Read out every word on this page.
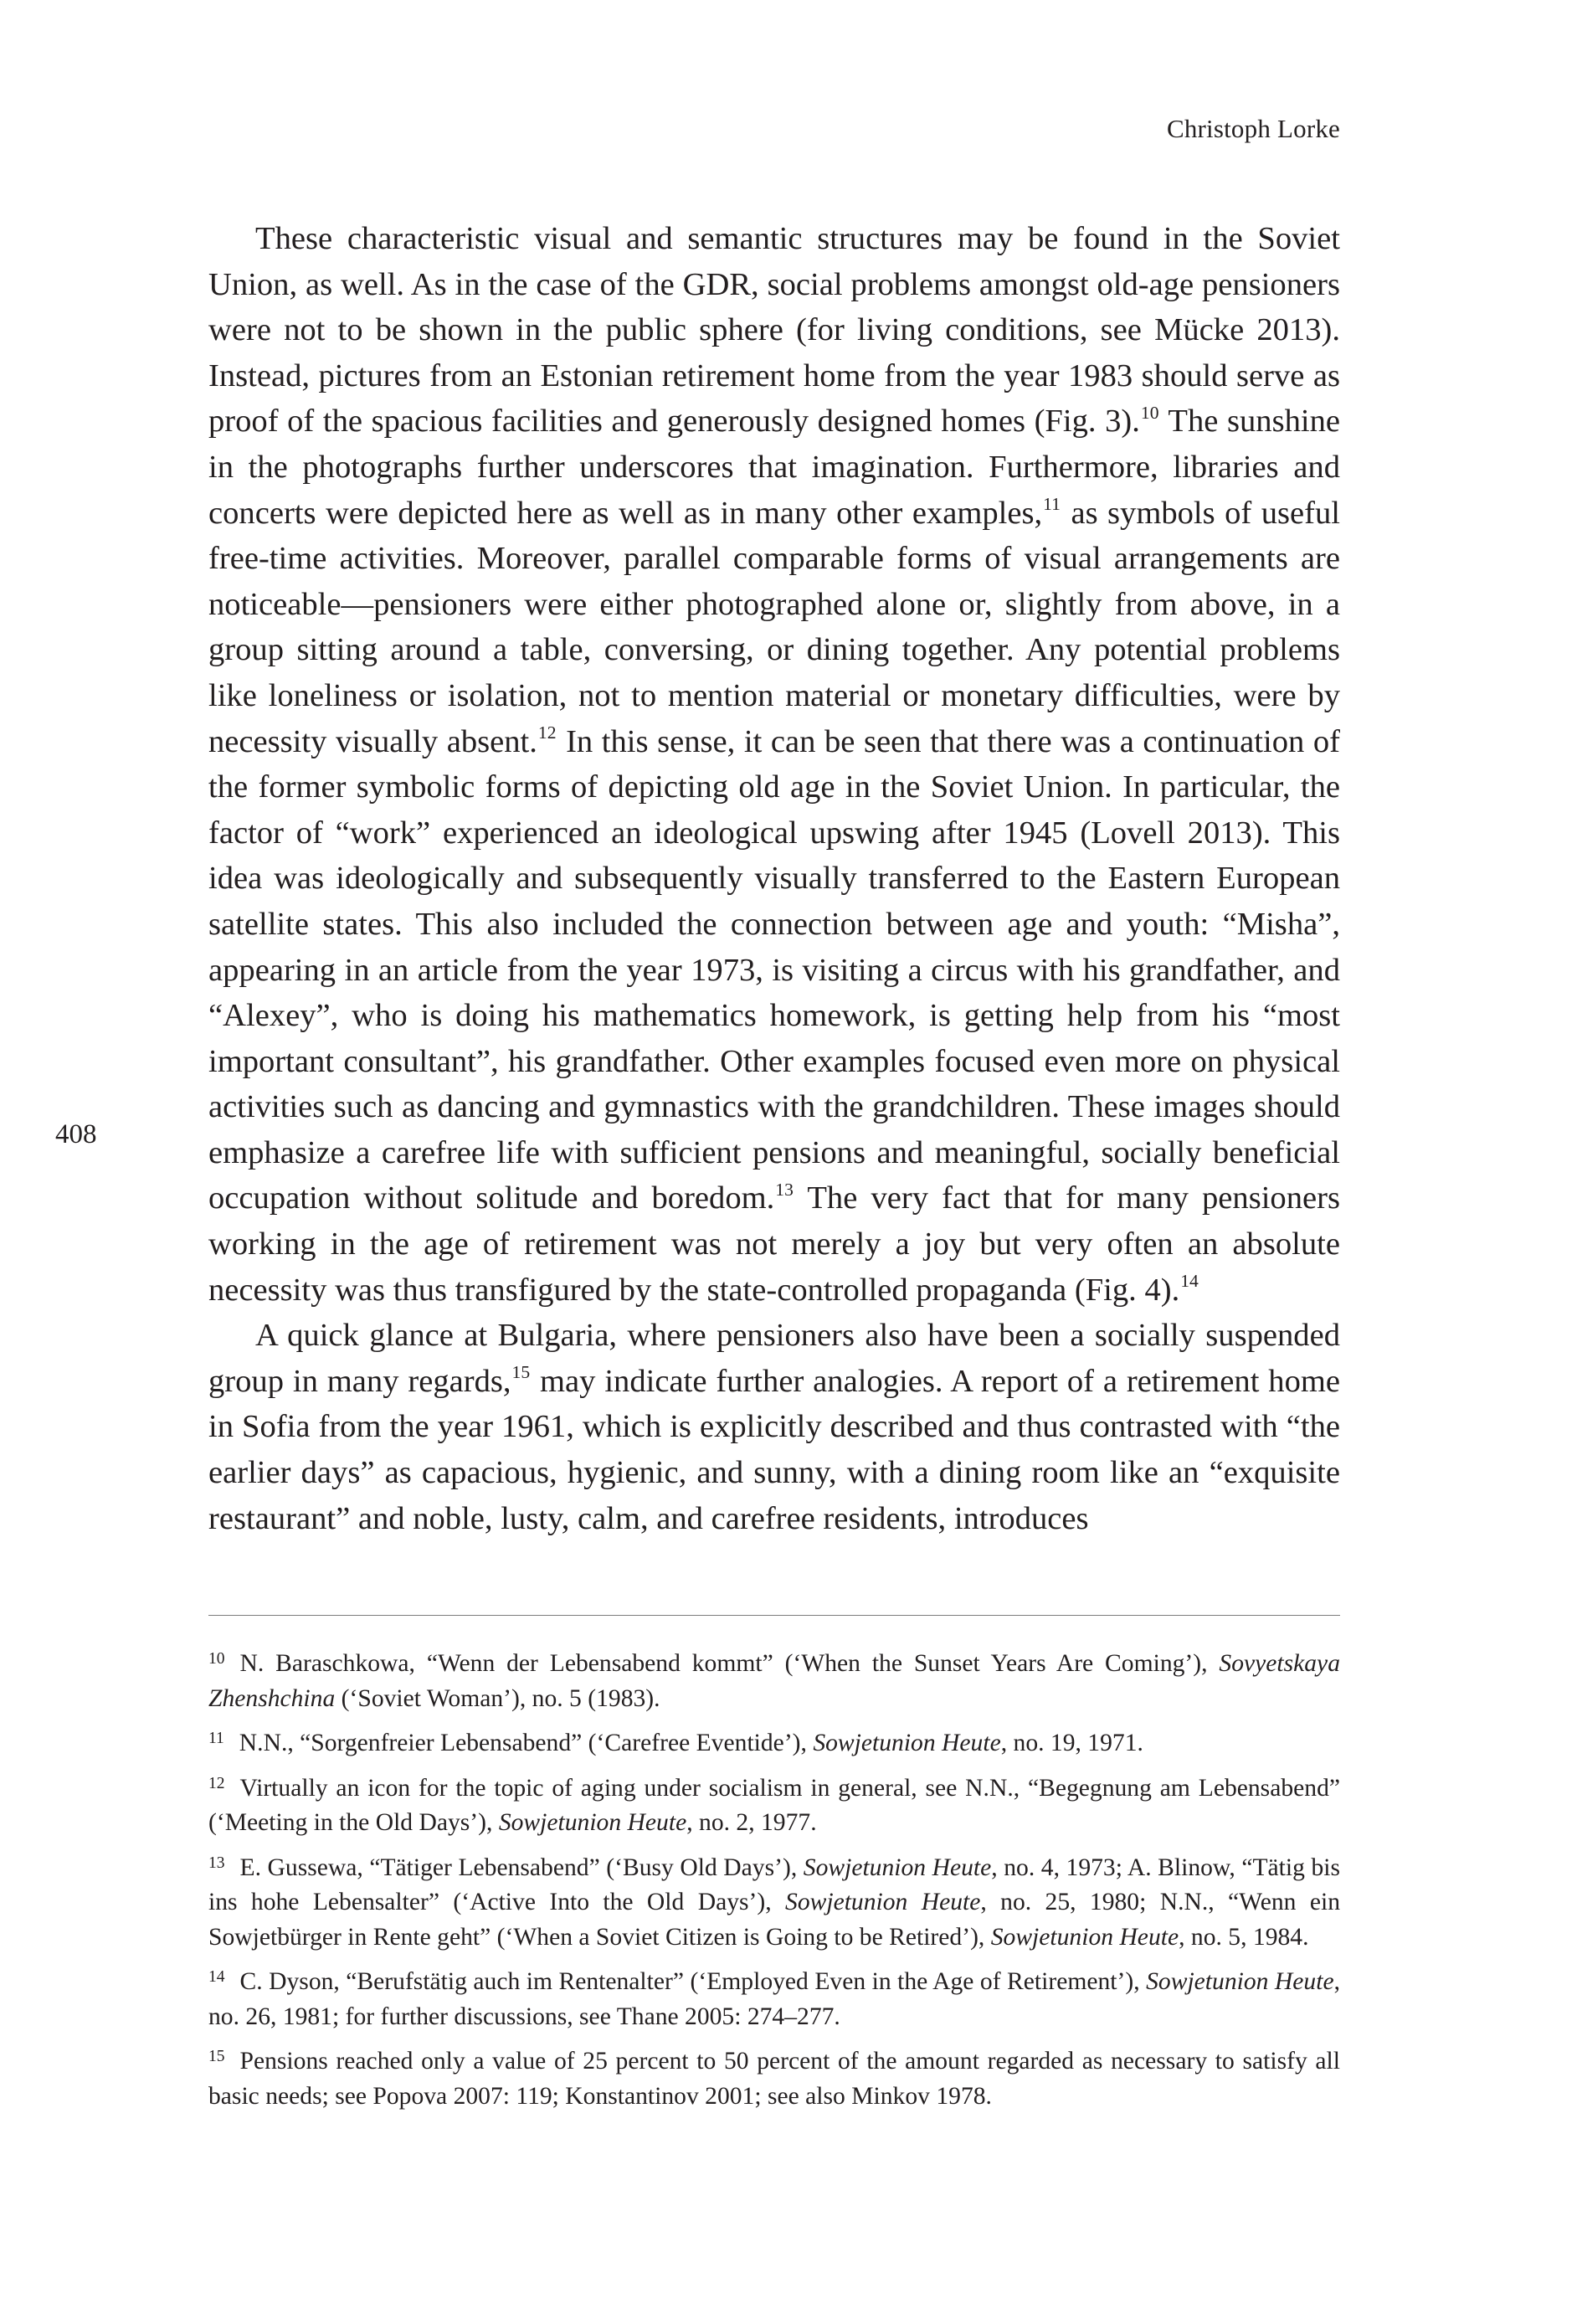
Christoph Lorke
408

These characteristic visual and semantic structures may be found in the Soviet Union, as well. As in the case of the GDR, social problems amongst old-age pensioners were not to be shown in the public sphere (for living conditions, see Mücke 2013). Instead, pictures from an Estonian retirement home from the year 1983 should serve as proof of the spacious facilities and generously designed homes (Fig. 3).$^{10}$ The sunshine in the photographs further underscores that imagination. Furthermore, libraries and concerts were depicted here as well as in many other examples,$^{11}$ as symbols of useful free-time activities. Moreover, parallel comparable forms of visual arrangements are noticeable—pensioners were either photographed alone or, slightly from above, in a group sitting around a table, conversing, or dining together. Any potential problems like loneliness or isolation, not to mention material or monetary difficulties, were by necessity visually absent.$^{12}$ In this sense, it can be seen that there was a continuation of the former symbolic forms of depicting old age in the Soviet Union. In particular, the factor of “work” experienced an ideological upswing after 1945 (Lovell 2013). This idea was ideologically and subsequently visually transferred to the Eastern European satellite states. This also included the connection between age and youth: “Misha”, appearing in an article from the year 1973, is visiting a circus with his grandfather, and “Alexey”, who is doing his mathematics homework, is getting help from his “most important consultant”, his grandfather. Other examples focused even more on physical activities such as dancing and gymnastics with the grandchildren. These images should emphasize a carefree life with sufficient pensions and meaningful, socially beneficial occupation without solitude and boredom.$^{13}$ The very fact that for many pensioners working in the age of retirement was not merely a joy but very often an absolute necessity was thus transfigured by the state-controlled propaganda (Fig. 4).$^{14}$

A quick glance at Bulgaria, where pensioners also have been a socially suspended group in many regards,$^{15}$ may indicate further analogies. A report of a retirement home in Sofia from the year 1961, which is explicitly described and thus contrasted with “the earlier days” as capacious, hygienic, and sunny, with a dining room like an “exquisite restaurant” and noble, lusty, calm, and carefree residents, introduces

$^{10}$ N. Baraschkowa, “Wenn der Lebensabend kommt” (‘When the Sunset Years Are Coming’), Sovyetskaya Zhenshchina (‘Soviet Woman’), no. 5 (1983).
$^{11}$ N.N., “Sorgenfreier Lebensabend” (‘Carefree Eventide’), Sowjetunion Heute, no. 19, 1971.
$^{12}$ Virtually an icon for the topic of aging under socialism in general, see N.N., “Begegnung am Lebensabend” (‘Meeting in the Old Days’), Sowjetunion Heute, no. 2, 1977.
$^{13}$ E. Gussewa, “Tätiger Lebensabend” (‘Busy Old Days’), Sowjetunion Heute, no. 4, 1973; A. Blinow, “Tätig bis ins hohe Lebensalter” (‘Active Into the Old Days’), Sowjetunion Heute, no. 25, 1980; N.N., “Wenn ein Sowjetbürger in Rente geht” (‘When a Soviet Citizen is Going to be Retired’), Sowjetunion Heute, no. 5, 1984.
$^{14}$ C. Dyson, “Berufstätig auch im Rentenalter” (‘Employed Even in the Age of Retirement’), Sowjetunion Heute, no. 26, 1981; for further discussions, see Thane 2005: 274–277.
$^{15}$ Pensions reached only a value of 25 percent to 50 percent of the amount regarded as necessary to satisfy all basic needs; see Popova 2007: 119; Konstantinov 2001; see also Minkov 1978.
